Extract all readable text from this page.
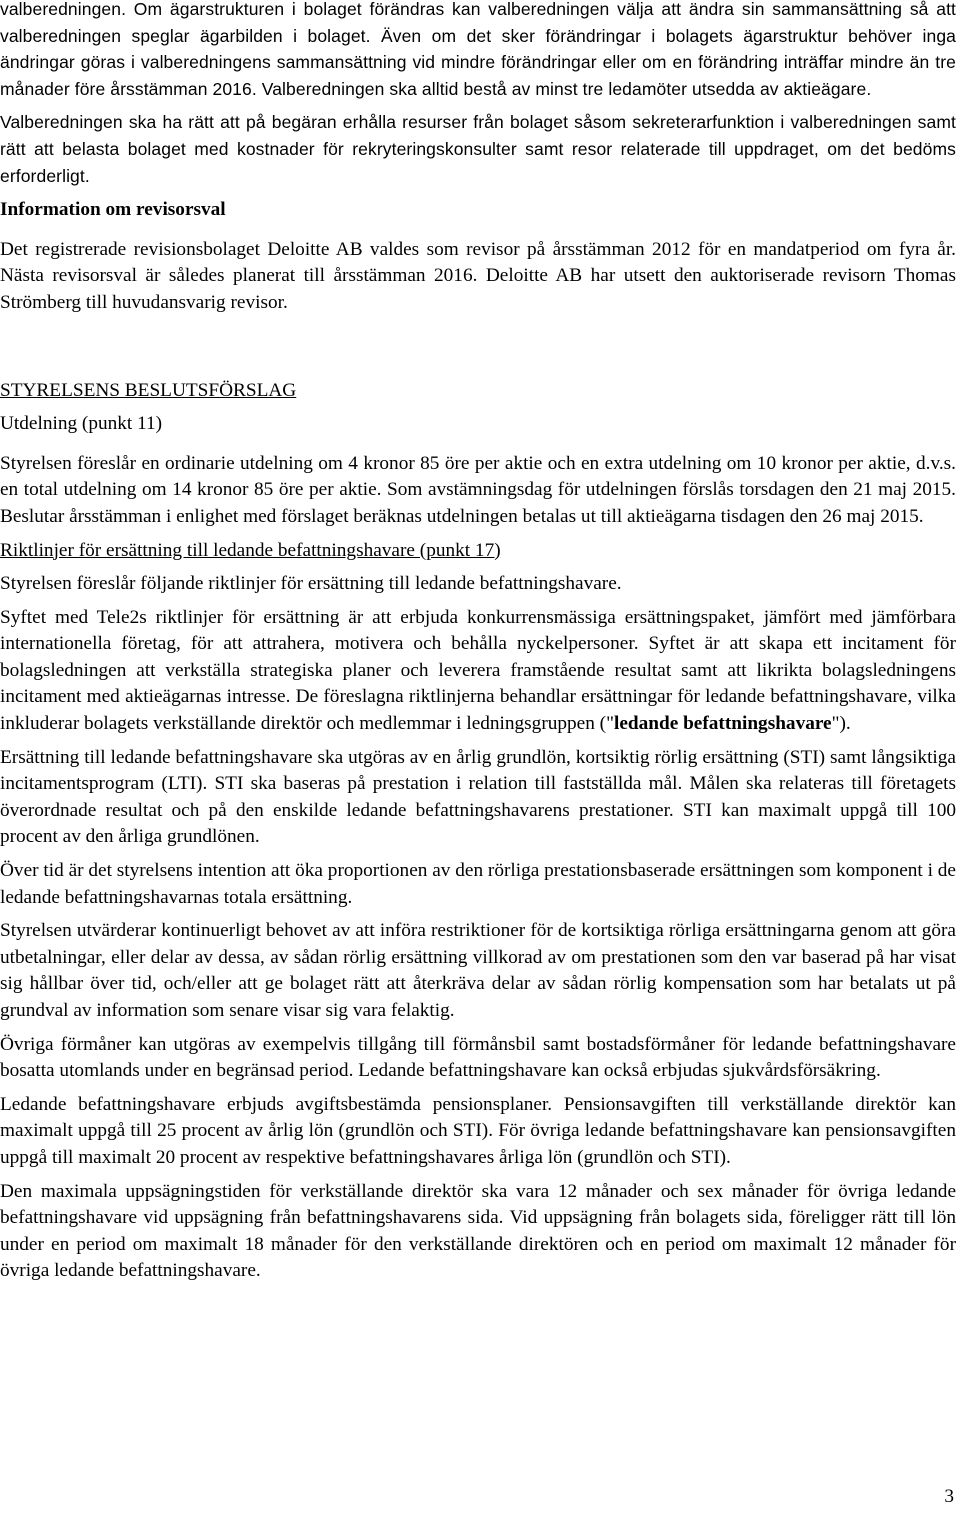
valberedningen. Om ägarstrukturen i bolaget förändras kan valberedningen välja att ändra sin sammansättning så att valberedningen speglar ägarbilden i bolaget. Även om det sker förändringar i bolagets ägarstruktur behöver inga ändringar göras i valberedningens sammansättning vid mindre förändringar eller om en förändring inträffar mindre än tre månader före årsstämman 2016. Valberedningen ska alltid bestå av minst tre ledamöter utsedda av aktieägare.

Valberedningen ska ha rätt att på begäran erhålla resurser från bolaget såsom sekreterarfunktion i valberedningen samt rätt att belasta bolaget med kostnader för rekryteringskonsulter samt resor relaterade till uppdraget, om det bedöms erforderligt.

Information om revisorsval

Det registrerade revisionsbolaget Deloitte AB valdes som revisor på årsstämman 2012 för en mandatperiod om fyra år. Nästa revisorsval är således planerat till årsstämman 2016. Deloitte AB har utsett den auktoriserade revisorn Thomas Strömberg till huvudansvarig revisor.

STYRELSENS BESLUTSFÖRSLAG

Utdelning (punkt 11)

Styrelsen föreslår en ordinarie utdelning om 4 kronor 85 öre per aktie och en extra utdelning om 10 kronor per aktie, d.v.s. en total utdelning om 14 kronor 85 öre per aktie. Som avstämningsdag för utdelningen förslås torsdagen den 21 maj 2015. Beslutar årsstämman i enlighet med förslaget beräknas utdelningen betalas ut till aktieägarna tisdagen den 26 maj 2015.

Riktlinjer för ersättning till ledande befattningshavare (punkt 17)

Styrelsen föreslår följande riktlinjer för ersättning till ledande befattningshavare.

Syftet med Tele2s riktlinjer för ersättning är att erbjuda konkurrensmässiga ersättningspaket, jämfört med jämförbara internationella företag, för att attrahera, motivera och behålla nyckelpersoner. Syftet är att skapa ett incitament för bolagsledningen att verkställa strategiska planer och leverera framstående resultat samt att likrikta bolagsledningens incitament med aktieägarnas intresse. De föreslagna riktlinjerna behandlar ersättningar för ledande befattningshavare, vilka inkluderar bolagets verkställande direktör och medlemmar i ledningsgruppen ("ledande befattningshavare").

Ersättning till ledande befattningshavare ska utgöras av en årlig grundlön, kortsiktig rörlig ersättning (STI) samt långsiktiga incitamentsprogram (LTI). STI ska baseras på prestation i relation till fastställda mål. Målen ska relateras till företagets överordnade resultat och på den enskilde ledande befattningshavarens prestationer. STI kan maximalt uppgå till 100 procent av den årliga grundlönen.

Över tid är det styrelsens intention att öka proportionen av den rörliga prestationsbaserade ersättningen som komponent i de ledande befattningshavarnas totala ersättning.

Styrelsen utvärderar kontinuerligt behovet av att införa restriktioner för de kortsiktiga rörliga ersättningarna genom att göra utbetalningar, eller delar av dessa, av sådan rörlig ersättning villkorad av om prestationen som den var baserad på har visat sig hållbar över tid, och/eller att ge bolaget rätt att återkräva delar av sådan rörlig kompensation som har betalats ut på grundval av information som senare visar sig vara felaktig.

Övriga förmåner kan utgöras av exempelvis tillgång till förmånsbil samt bostadsförmåner för ledande befattningshavare bosatta utomlands under en begränsad period. Ledande befattningshavare kan också erbjudas sjukvårdsförsäkring.

Ledande befattningshavare erbjuds avgiftsbestämda pensionsplaner. Pensionsavgiften till verkställande direktör kan maximalt uppgå till 25 procent av årlig lön (grundlön och STI). För övriga ledande befattningshavare kan pensionsavgiften uppgå till maximalt 20 procent av respektive befattningshavares årliga lön (grundlön och STI).

Den maximala uppsägningstiden för verkställande direktör ska vara 12 månader och sex månader för övriga ledande befattningshavare vid uppsägning från befattningshavarens sida. Vid uppsägning från bolagets sida, föreligger rätt till lön under en period om maximalt 18 månader för den verkställande direktören och en period om maximalt 12 månader för övriga ledande befattningshavare.

3
